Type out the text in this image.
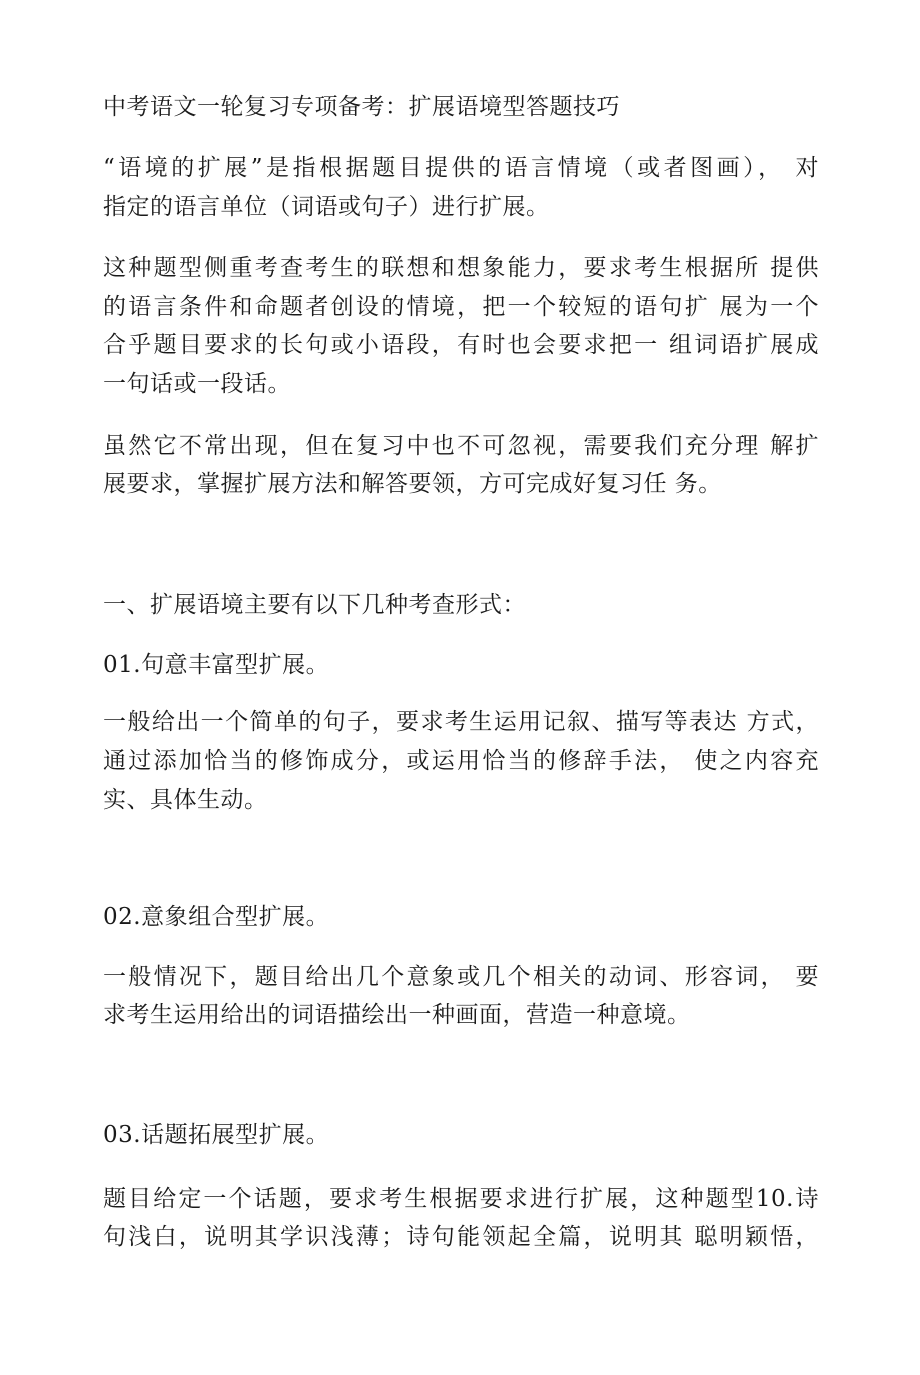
中考语文一轮复习专项备考：扩展语境型答题技巧
“语境的扩展”是指根据题目提供的语言情境（或者图画）， 对
指定的语言单位（词语或句子）进行扩展。
这种题型侧重考查考生的联想和想象能力，要求考生根据所 提供
的语言条件和命题者创设的情境，把一个较短的语句扩 展为一个
合乎题目要求的长句或小语段，有时也会要求把一 组词语扩展成
一句话或一段话。
虽然它不常出现，但在复习中也不可忽视，需要我们充分理 解扩
展要求，掌握扩展方法和解答要领，方可完成好复习任 务。
一、扩展语境主要有以下几种考查形式：
01.句意丰富型扩展。
一般给出一个简单的句子，要求考生运用记叙、描写等表达 方式，
通过添加恰当的修饰成分，或运用恰当的修辞手法， 使之内容充
实、具体生动。
02.意象组合型扩展。
一般情况下，题目给出几个意象或几个相关的动词、形容词， 要
求考生运用给出的词语描绘出一种画面，营造一种意境。
03.话题拓展型扩展。
题目给定一个话题，要求考生根据要求进行扩展，这种题型10.诗
句浅白，说明其学识浅薄；诗句能领起全篇，说明其 聪明颖悟，
